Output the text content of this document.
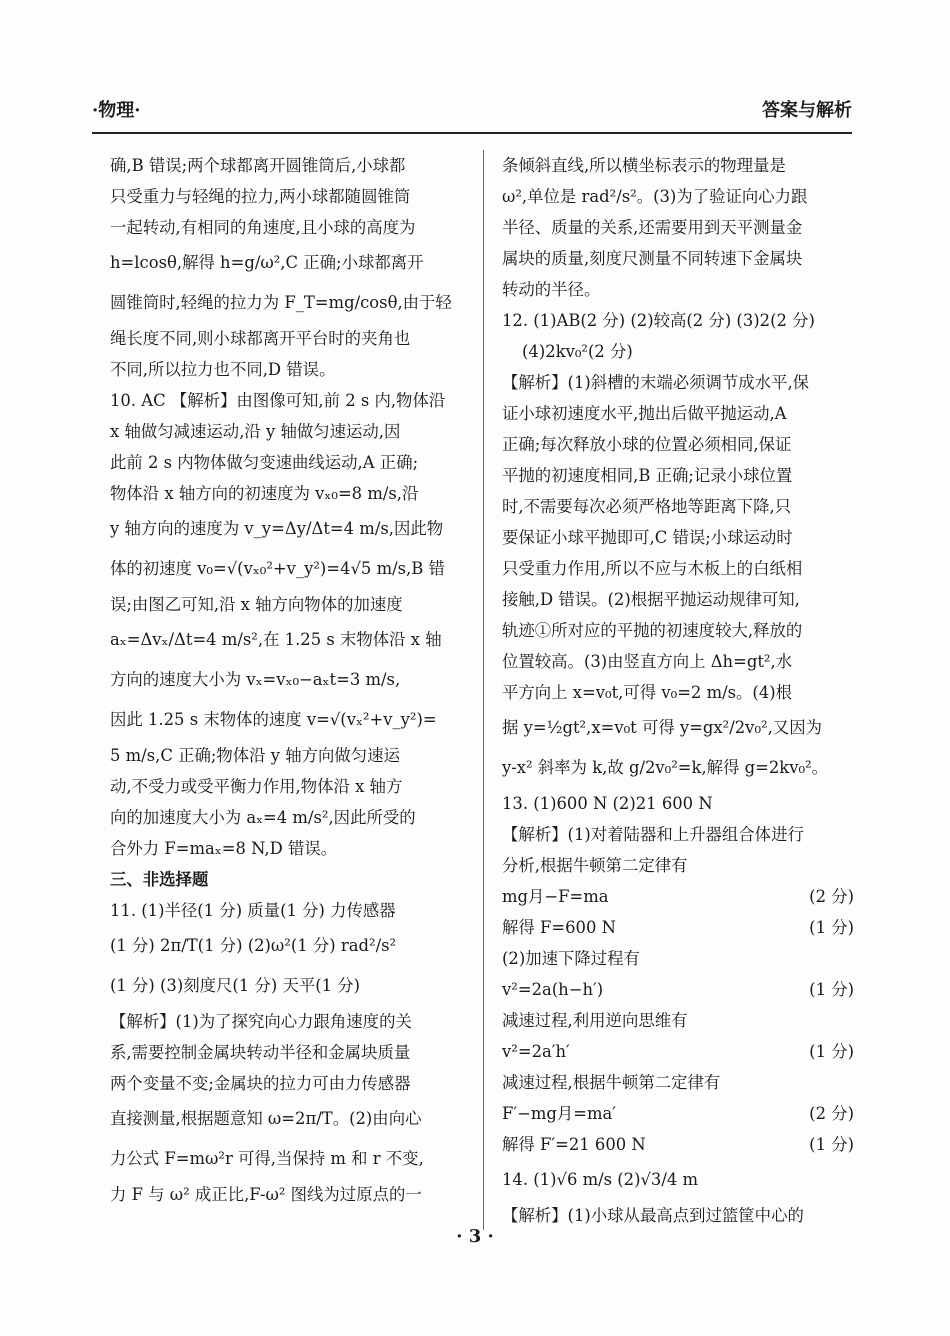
·物理·	答案与解析

确,B 错误;两个球都离开圆锥筒后,小球都

只受重力与轻绳的拉力,两小球都随圆锥筒

一起转动,有相同的角速度,且小球的高度为

h=lcosθ,解得 h=g/ω²,C 正确;小球都离开

圆锥筒时,轻绳的拉力为 F_T=mg/cosθ,由于轻

绳长度不同,则小球都离开平台时的夹角也

不同,所以拉力也不同,D 错误。

10. AC 【解析】由图像可知,前 2 s 内,物体沿

x 轴做匀减速运动,沿 y 轴做匀速运动,因

此前 2 s 内物体做匀变速曲线运动,A 正确;

物体沿 x 轴方向的初速度为 vₓ₀=8 m/s,沿

y 轴方向的速度为 v_y=Δy/Δt=4 m/s,因此物

体的初速度 v₀=√(vₓ₀²+v_y²)=4√5 m/s,B 错

误;由图乙可知,沿 x 轴方向物体的加速度

aₓ=Δvₓ/Δt=4 m/s²,在 1.25 s 末物体沿 x 轴

方向的速度大小为 vₓ=vₓ₀−aₓt=3 m/s,

因此 1.25 s 末物体的速度 v=√(vₓ²+v_y²)=

5 m/s,C 正确;物体沿 y 轴方向做匀速运

动,不受力或受平衡力作用,物体沿 x 轴方

向的加速度大小为 aₓ=4 m/s²,因此所受的

合外力 F=maₓ=8 N,D 错误。

三、非选择题

11. (1)半径(1 分) 质量(1 分) 力传感器

(1 分) 2π/T(1 分) (2)ω²(1 分) rad²/s²

(1 分) (3)刻度尺(1 分) 天平(1 分)

【解析】(1)为了探究向心力跟角速度的关

系,需要控制金属块转动半径和金属块质量

两个变量不变;金属块的拉力可由力传感器

直接测量,根据题意知 ω=2π/T。(2)由向心

力公式 F=mω²r 可得,当保持 m 和 r 不变,

力 F 与 ω² 成正比,F-ω² 图线为过原点的一

条倾斜直线,所以横坐标表示的物理量是

ω²,单位是 rad²/s²。(3)为了验证向心力跟

半径、质量的关系,还需要用到天平测量金

属块的质量,刻度尺测量不同转速下金属块

转动的半径。

12. (1)AB(2 分) (2)较高(2 分) (3)2(2 分)

(4)2kv₀²(2 分)

【解析】(1)斜槽的末端必须调节成水平,保

证小球初速度水平,抛出后做平抛运动,A

正确;每次释放小球的位置必须相同,保证

平抛的初速度相同,B 正确;记录小球位置

时,不需要每次必须严格地等距离下降,只

要保证小球平抛即可,C 错误;小球运动时

只受重力作用,所以不应与木板上的白纸相

接触,D 错误。(2)根据平抛运动规律可知,

轨迹①所对应的平抛的初速度较大,释放的

位置较高。(3)由竖直方向上 Δh=gt²,水

平方向上 x=v₀t,可得 v₀=2 m/s。(4)根

据 y=½gt²,x=v₀t 可得 y=gx²/2v₀²,又因为

y-x² 斜率为 k,故 g/2v₀²=k,解得 g=2kv₀²。

13. (1)600 N (2)21 600 N

【解析】(1)对着陆器和上升器组合体进行

分析,根据牛顿第二定律有

mg月−F=ma	(2 分)
解得 F=600 N	(1 分)
(2)加速下降过程有
v²=2a(h−h′)	(1 分)
减速过程,利用逆向思维有
v²=2a′h′	(1 分)
减速过程,根据牛顿第二定律有
F′−mg月=ma′	(2 分)
解得 F′=21 600 N	(1 分)

14. (1)√6 m/s (2)√3/4 m

【解析】(1)小球从最高点到过篮筐中心的

· 3 ·
